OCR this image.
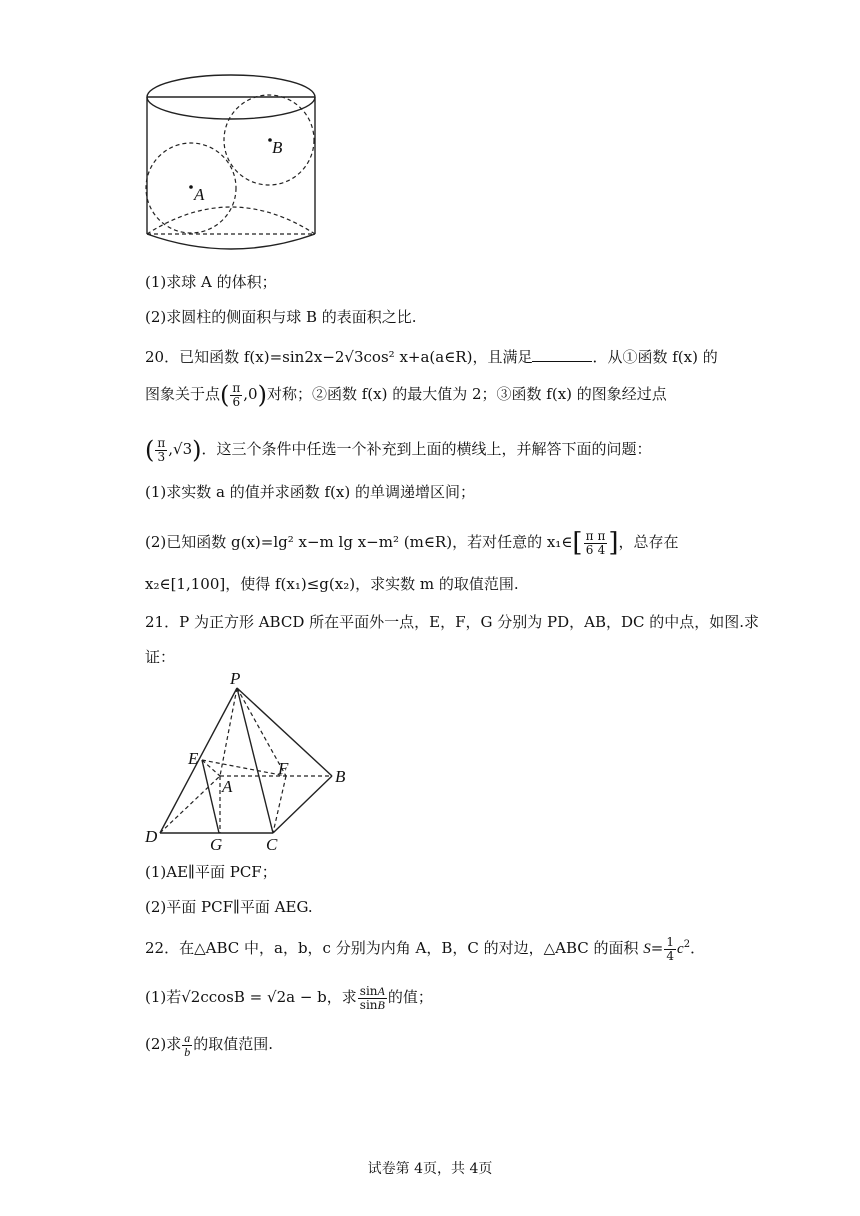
A
B
(1)求球 A 的体积；
(2)求圆柱的侧面积与球 B 的表面积之比.
20．已知函数 f(x)=sin2x−2√3cos² x+a(a∈R)，且满足	．从①函数 f(x) 的
图象关于点( $\frac{\pi}{6} ,0$)对称；②函数 f(x) 的最大值为 2；③函数 f(x) 的图象经过点
( $\frac{\pi}{3} ,√3$)．这三个条件中任选一个补充到上面的横线上，并解答下面的问题：
(1)求实数 a 的值并求函数 f(x) 的单调递增区间；
(2)已知函数 g(x)=lg² x−m lg x−m² (m∈R)，若对任意的 x₁∈[ $\frac{\pi}{6} \frac{\pi}{4}$ ]，总存在
x₂∈[1,100]，使得 f(x₁)≤g(x₂)，求实数 m 的取值范围.
21．P 为正方形 ABCD 所在平面外一点，E，F，G 分别为 PD，AB，DC 的中点，如图.求
证：
P
E
A
F	B
D	G	C
(1)AE∥平面 PCF；
(2)平面 PCF∥平面 AEG.
22．在△ABC 中，a，b，c 分别为内角 A，B，C 的对边，△ABC 的面积 $S= \frac{1}{4} c^2$．
(1)若√2ccosB = √2a − b，求 $\frac{\sin A}{\sin B}$ 的值；
(2)求 $\frac{a}{b}$ 的取值范围.
试卷第 4页，共 4页
